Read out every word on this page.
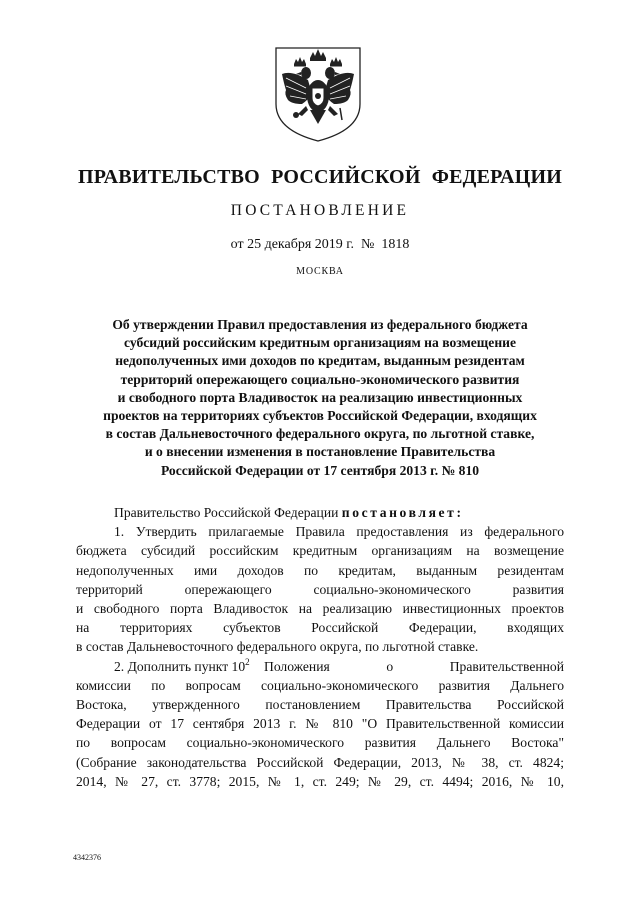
ПРАВИТЕЛЬСТВО РОССИЙСКОЙ ФЕДЕРАЦИИ
ПОСТАНОВЛЕНИЕ
от 25 декабря 2019 г. № 1818
МОСКВА
Об утверждении Правил предоставления из федерального бюджета
субсидий российским кредитным организациям на возмещение
недополученных ими доходов по кредитам, выданным резидентам
территорий опережающего социально-экономического развития
и свободного порта Владивосток на реализацию инвестиционных
проектов на территориях субъектов Российской Федерации, входящих
в состав Дальневосточного федерального округа, по льготной ставке,
и о внесении изменения в постановление Правительства
Российской Федерации от 17 сентября 2013 г. № 810
Правительство Российской Федерации постановляет:
1. Утвердить прилагаемые Правила предоставления из федерального
бюджета субсидий российским кредитным организациям на возмещение
недополученных ими доходов по кредитам, выданным резидентам
территорий опережающего социально-экономического развития
и свободного порта Владивосток на реализацию инвестиционных проектов
на территориях субъектов Российской Федерации, входящих
в состав Дальневосточного федерального округа, по льготной ставке.
2. Дополнить пункт $10^2$ Положения о Правительственной
комиссии по вопросам социально-экономического развития Дальнего
Востока, утвержденного постановлением Правительства Российской
Федерации от 17 сентября 2013 г. № 810 "О Правительственной комиссии
по вопросам социально-экономического развития Дальнего Востока"
(Собрание законодательства Российской Федерации, 2013, № 38, ст. 4824;
2014, № 27, ст. 3778; 2015, № 1, ст. 249; № 29, ст. 4494; 2016, № 10,
4342376
